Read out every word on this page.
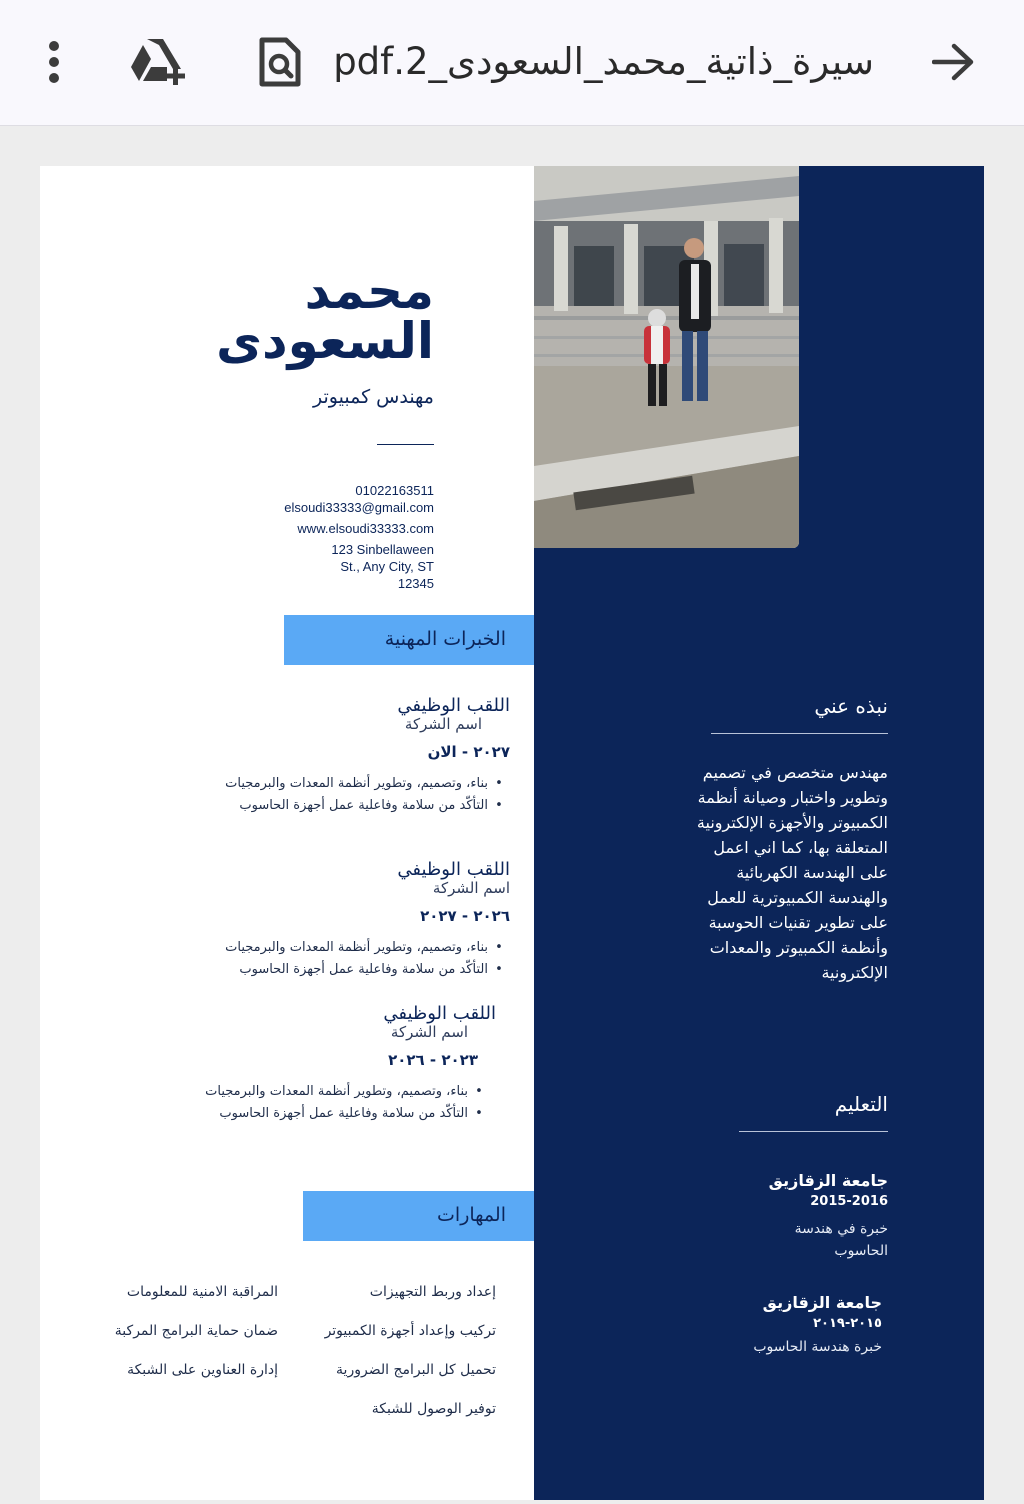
سيرة_ذاتية_محمد_السعودى_2.pdf
محمد
السعودى
مهندس كمبيوتر
01022163511
elsoudi33333@gmail.com
www.elsoudi33333.com
123 Sinbellaween
St., Any City, ST
12345
الخبرات المهنية
اللقب الوظيفي
اسم الشركة
٢٠٢٧ - الان
• بناء، وتصميم، وتطوير أنظمة المعدات والبرمجيات
• التأكّد من سلامة وفاعلية عمل أجهزة الحاسوب
اللقب الوظيفي
اسم الشركة
٢٠٢٦ - ٢٠٢٧
• بناء، وتصميم، وتطوير أنظمة المعدات والبرمجيات
• التأكّد من سلامة وفاعلية عمل أجهزة الحاسوب
اللقب الوظيفي
اسم الشركة
٢٠٢٣ - ٢٠٢٦
• بناء، وتصميم، وتطوير أنظمة المعدات والبرمجيات
• التأكّد من سلامة وفاعلية عمل أجهزة الحاسوب
المهارات
إعداد وربط التجهيزات
المراقبة الامنية للمعلومات
تركيب وإعداد أجهزة الكمبيوتر
ضمان حماية البرامج المركبة
تحميل كل البرامج الضرورية
إدارة العناوين على الشبكة
توفير الوصول للشبكة
نبذه عني
مهندس متخصص في تصميم وتطوير واختبار وصيانة أنظمة الكمبيوتر والأجهزة الإلكترونية المتعلقة بها، كما اني اعمل على الهندسة الكهربائية والهندسة الكمبيوترية للعمل على تطوير تقنيات الحوسبة وأنظمة الكمبيوتر والمعدات الإلكترونية
التعليم
جامعة الزقازيق
2015-2016
خبرة في هندسة
الحاسوب
جامعة الزقازيق
٢٠١٥-٢٠١٩
خبرة هندسة الحاسوب
